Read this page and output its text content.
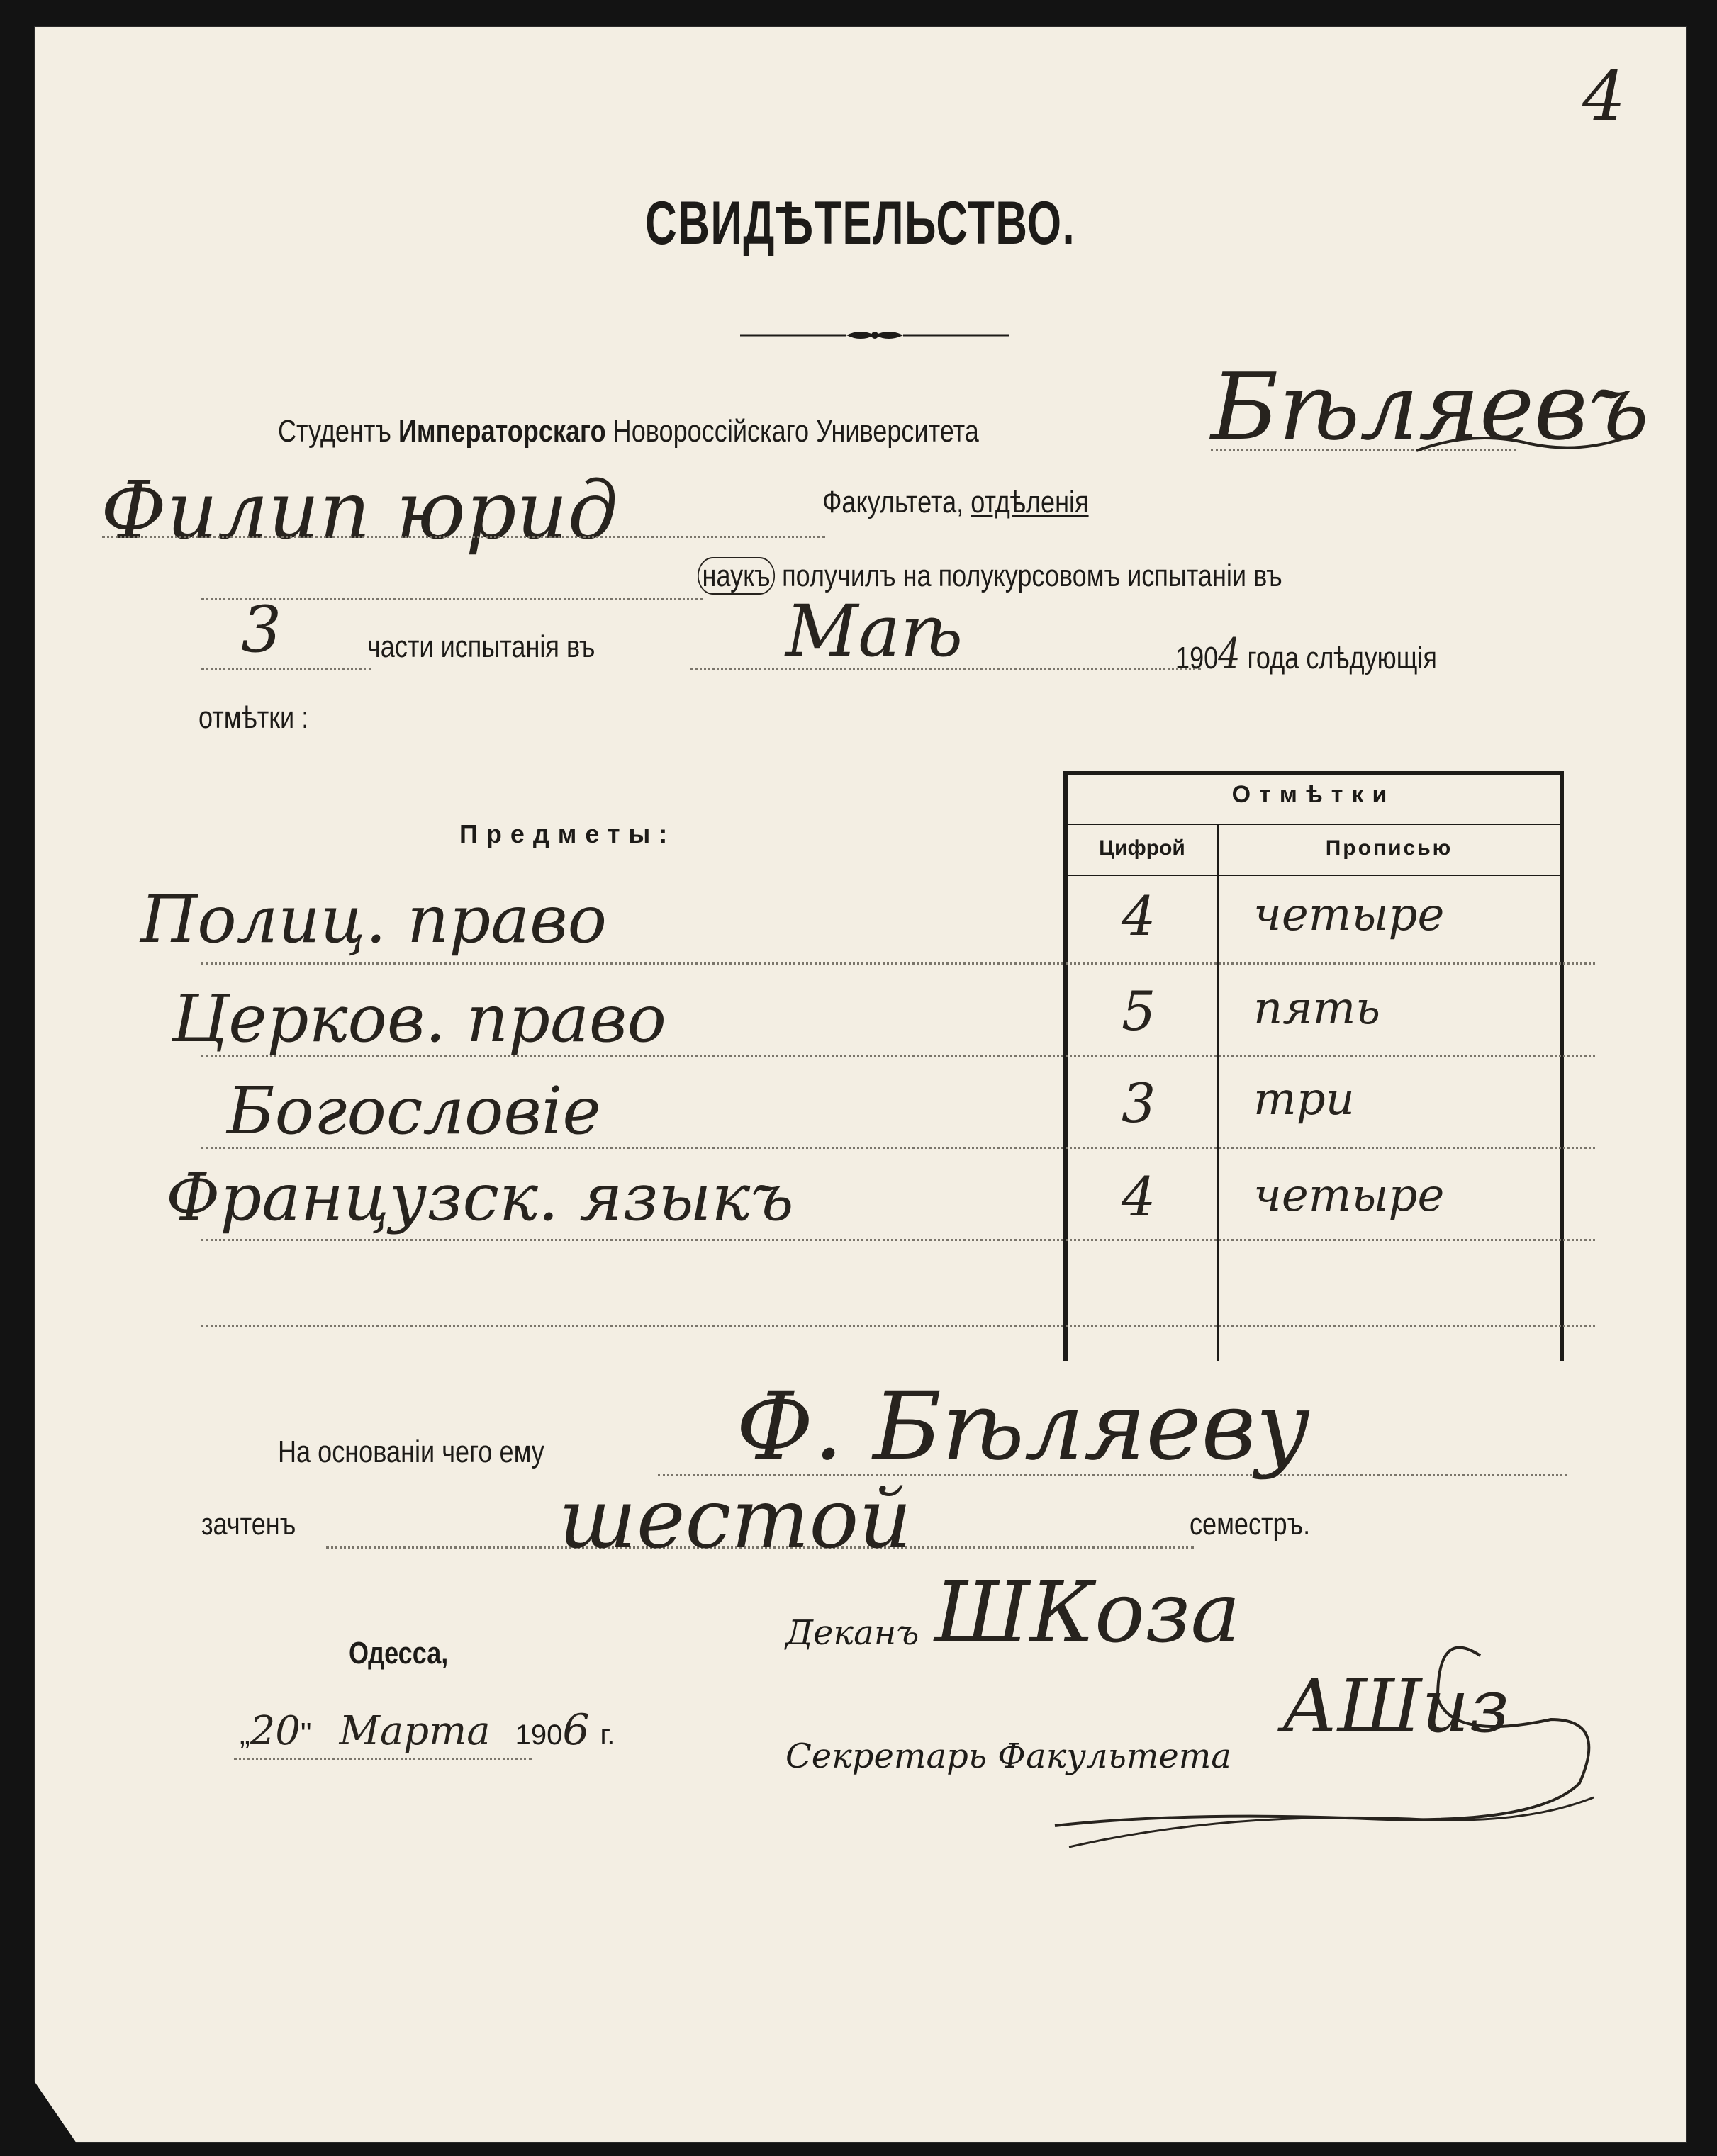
4
СВИДѢТЕЛЬСТВО.
Студентъ Императорскаго Новороссійскаго Университета	Бѣляевъ
Филип юрид	Факультета, отдѣленія
наукъ получилъ на полукурсовомъ испытаніи въ
3	части испытанія въ	Маѣ	1904 года слѣдующія
отмѣтки :
Предметы:
Отмѣтки
Цифрой	Прописью
Полиц. право	4 четыре
Церков. право	5 пять
Богословіе	3 три
Французск. языкъ	4 четыре
На основаніи чего ему	Ф. Бѣляеву
зачтенъ	шестой	семестръ.
Деканъ ШКоза
Одесса,
„20" Марта 1906 г.
Секретарь Факультета
АШиз
